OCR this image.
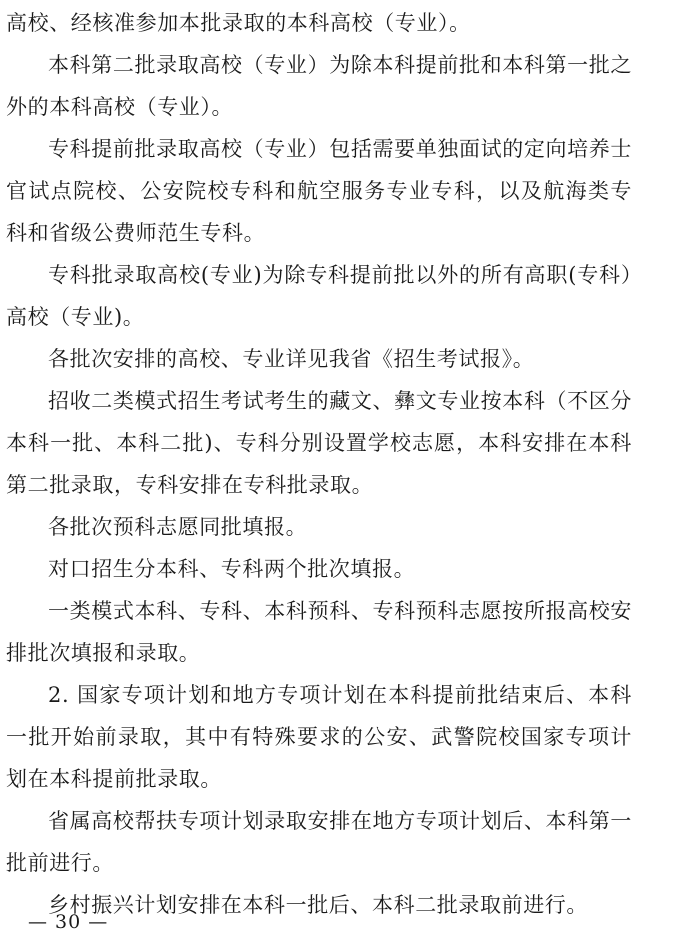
高校、经核准参加本批录取的本科高校（专业）。

本科第二批录取高校（专业）为除本科提前批和本科第一批之外的本科高校（专业）。

专科提前批录取高校（专业）包括需要单独面试的定向培养士官试点院校、公安院校专科和航空服务专业专科，以及航海类专科和省级公费师范生专科。

专科批录取高校(专业)为除专科提前批以外的所有高职(专科）高校（专业)。

各批次安排的高校、专业详见我省《招生考试报》。

招收二类模式招生考试考生的藏文、彝文专业按本科（不区分本科一批、本科二批)、专科分别设置学校志愿，本科安排在本科第二批录取，专科安排在专科批录取。

各批次预科志愿同批填报。

对口招生分本科、专科两个批次填报。

一类模式本科、专科、本科预科、专科预科志愿按所报高校安排批次填报和录取。

2. 国家专项计划和地方专项计划在本科提前批结束后、本科一批开始前录取，其中有特殊要求的公安、武警院校国家专项计划在本科提前批录取。

省属高校帮扶专项计划录取安排在地方专项计划后、本科第一批前进行。

乡村振兴计划安排在本科一批后、本科二批录取前进行。

— 30 —
